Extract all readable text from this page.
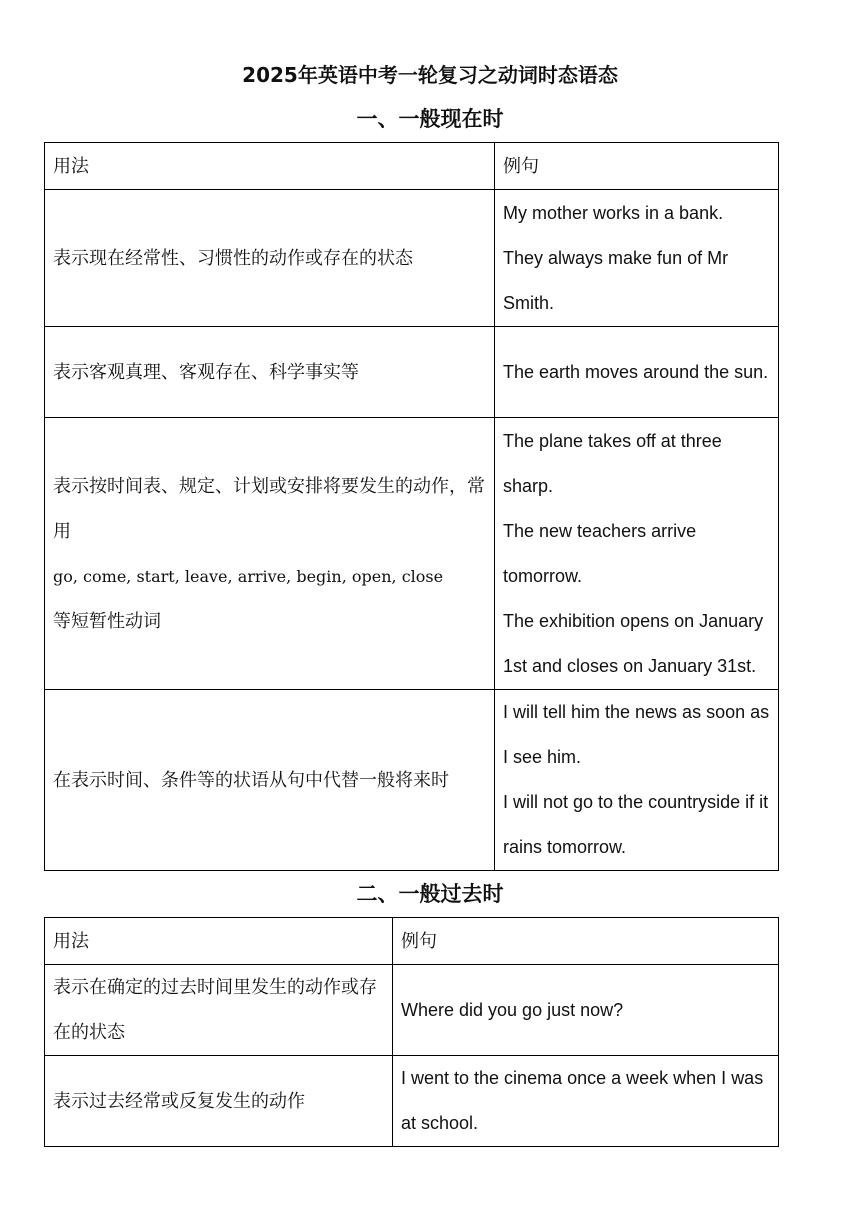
2025年英语中考一轮复习之动词时态语态
一、一般现在时
用法	例句
表示现在经常性、习惯性的动作或存在的状态	My mother works in a bank.
They always make fun of Mr Smith.

表示客观真理、客观存在、科学事实等	The earth moves around the sun.

表示按时间表、规定、计划或安排将要发生的动作，常用
go, come, start, leave, arrive, begin, open, close
等短暂性动词	The plane takes off at three sharp.
The new teachers arrive tomorrow.
The exhibition opens on January 1st and closes on January 31st.

在表示时间、条件等的状语从句中代替一般将来时	I will tell him the news as soon as I see him.
I will not go to the countryside if it rains tomorrow.
二、一般过去时
用法	例句
表示在确定的过去时间里发生的动作或存在的状态	Where did you go just now?

表示过去经常或反复发生的动作	I went to the cinema once a week when I was at school.
